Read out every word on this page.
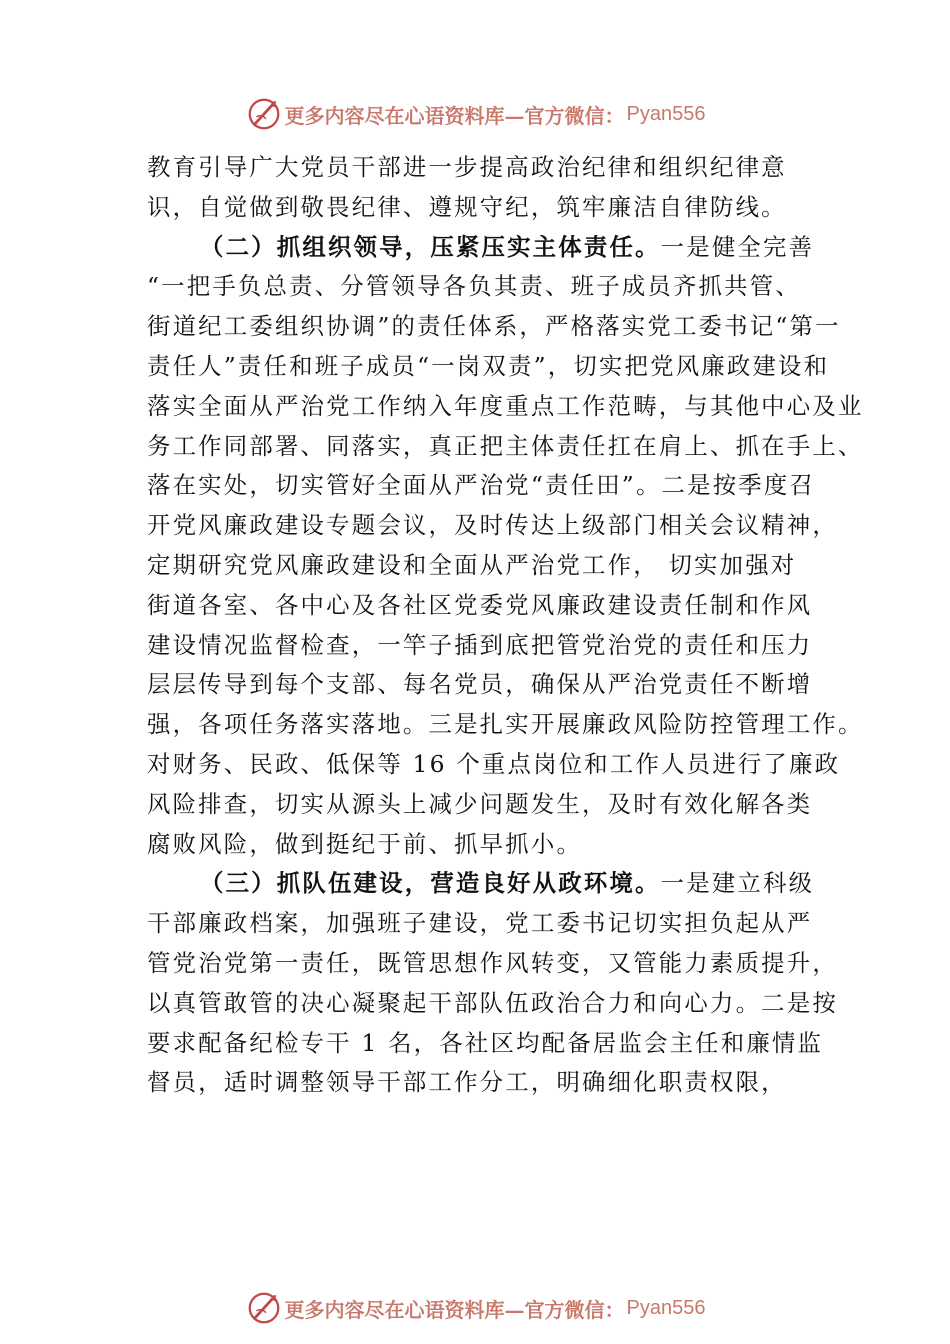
更多内容尽在心语资料库—官方微信： Pyan556
教育引导广大党员干部进一步提高政治纪律和组织纪律意
识，自觉做到敬畏纪律、遵规守纪，筑牢廉洁自律防线。
（二）抓组织领导，压紧压实主体责任。一是健全完善
“一把手负总责、分管领导各负其责、班子成员齐抓共管、
街道纪工委组织协调”的责任体系，严格落实党工委书记“第一
责任人”责任和班子成员“一岗双责”，切实把党风廉政建设和
落实全面从严治党工作纳入年度重点工作范畴，与其他中心及业
务工作同部署、同落实，真正把主体责任扛在肩上、抓在手上、
落在实处，切实管好全面从严治党“责任田”。二是按季度召
开党风廉政建设专题会议，及时传达上级部门相关会议精神，
定期研究党风廉政建设和全面从严治党工作， 切实加强对
街道各室、各中心及各社区党委党风廉政建设责任制和作风
建设情况监督检查，一竿子插到底把管党治党的责任和压力
层层传导到每个支部、每名党员，确保从严治党责任不断增
强，各项任务落实落地。三是扎实开展廉政风险防控管理工作。
对财务、民政、低保等 16 个重点岗位和工作人员进行了廉政
风险排查，切实从源头上减少问题发生，及时有效化解各类
腐败风险，做到挺纪于前、抓早抓小。
（三）抓队伍建设，营造良好从政环境。一是建立科级
干部廉政档案，加强班子建设，党工委书记切实担负起从严
管党治党第一责任，既管思想作风转变，又管能力素质提升，
以真管敢管的决心凝聚起干部队伍政治合力和向心力。二是按
要求配备纪检专干 1 名，各社区均配备居监会主任和廉情监
督员，适时调整领导干部工作分工，明确细化职责权限，
更多内容尽在心语资料库—官方微信： Pyan556
